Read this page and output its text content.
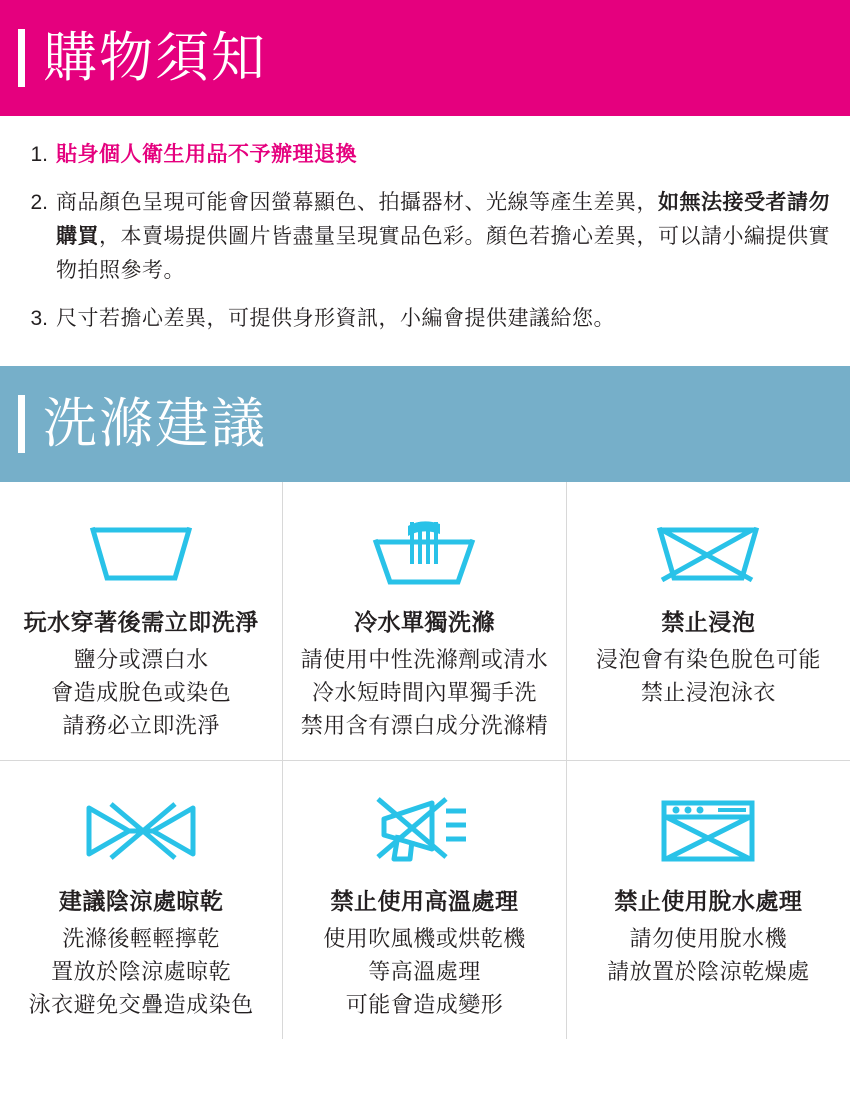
購物須知
1. 貼身個人衛生用品不予辦理退換
2. 商品顏色呈現可能會因螢幕顯色、拍攝器材、光線等產生差異，如無法接受者請勿購買，本賣場提供圖片皆盡量呈現實品色彩。顏色若擔心差異，可以請小編提供實物拍照參考。
3. 尺寸若擔心差異，可提供身形資訊，小編會提供建議給您。
洗滌建議
玩水穿著後需立即洗淨
鹽分或漂白水
會造成脫色或染色
請務必立即洗淨
冷水單獨洗滌
請使用中性洗滌劑或清水
冷水短時間內單獨手洗
禁用含有漂白成分洗滌精
禁止浸泡
浸泡會有染色脫色可能
禁止浸泡泳衣
建議陰涼處晾乾
洗滌後輕輕擰乾
置放於陰涼處晾乾
泳衣避免交疊造成染色
禁止使用高溫處理
使用吹風機或烘乾機
等高溫處理
可能會造成變形
禁止使用脫水處理
請勿使用脫水機
請放置於陰涼乾燥處
